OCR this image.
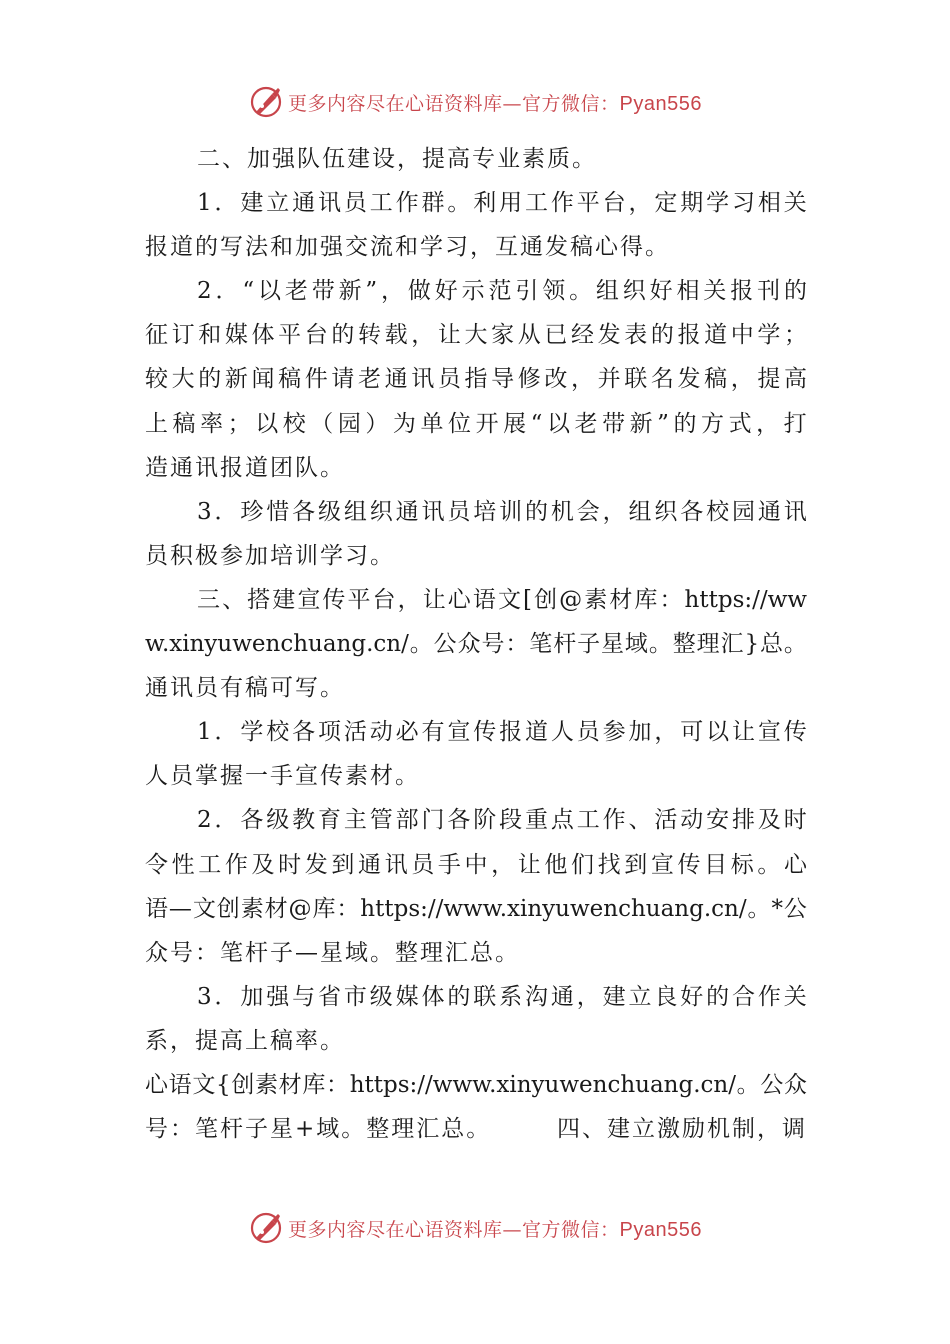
更多内容尽在心语资料库—官方微信：Pyan556
二、加强队伍建设，提高专业素质。
1 ． 建 立 通 讯 员 工 作 群 。 利 用 工 作 平 台 ， 定 期 学 习 相 关
报道的写法和加强交流和学习，互通发稿心得。
2 ． “ 以 老 带 新 ” ， 做 好 示 范 引 领 。 组 织 好 相 关 报 刊 的
征 订 和 媒 体 平 台 的 转 载 ， 让 大 家 从 已 经 发 表 的 报 道 中 学 ；
较 大 的 新 闻 稿 件 请 老 通 讯 员 指 导 修 改 ， 并 联 名 发 稿 ， 提 高
上 稿 率 ； 以 校 （ 园 ） 为 单 位 开 展 “ 以 老 带 新 ” 的 方 式 ， 打
造通讯报道团队。
3 ． 珍 惜 各 级 组 织 通 讯 员 培 训 的 机 会 ， 组 织 各 校 园 通 讯
员积极参加培训学习。
三 、 搭 建 宣 传 平 台 ， 让 心 语 文 [ 创 @ 素 材 库 ： https://ww
w.xinyuwenchuang.cn/ 。 公 众 号 ： 笔 杆 子 星 域 。 整 理 汇 } 总 。
通讯员有稿可写。
1 ． 学 校 各 项 活 动 必 有 宣 传 报 道 人 员 参 加 ， 可 以 让 宣 传
人员掌握一手宣传素材。
2 ． 各 级 教 育 主 管 部 门 各 阶 段 重 点 工 作 、 活 动 安 排 及 时
令 性 工 作 及 时 发 到 通 讯 员 手 中 ， 让 他 们 找 到 宣 传 目 标 。 心
语 — 文 创 素 材 @ 库 ： https://www.xinyuwenchuang.cn/ 。 * 公
众号：笔杆子—星域。整理汇总。
3 ． 加 强 与 省 市 级 媒 体 的 联 系 沟 通 ， 建 立 良 好 的 合 作 关
系，提高上稿率。
心 语 文 { 创 素 材 库 ： https://www.xinyuwenchuang.cn/ 。 公 众
号：笔杆子星+域。整理汇总。	四、建立激励机制，调
更多内容尽在心语资料库—官方微信：Pyan556
